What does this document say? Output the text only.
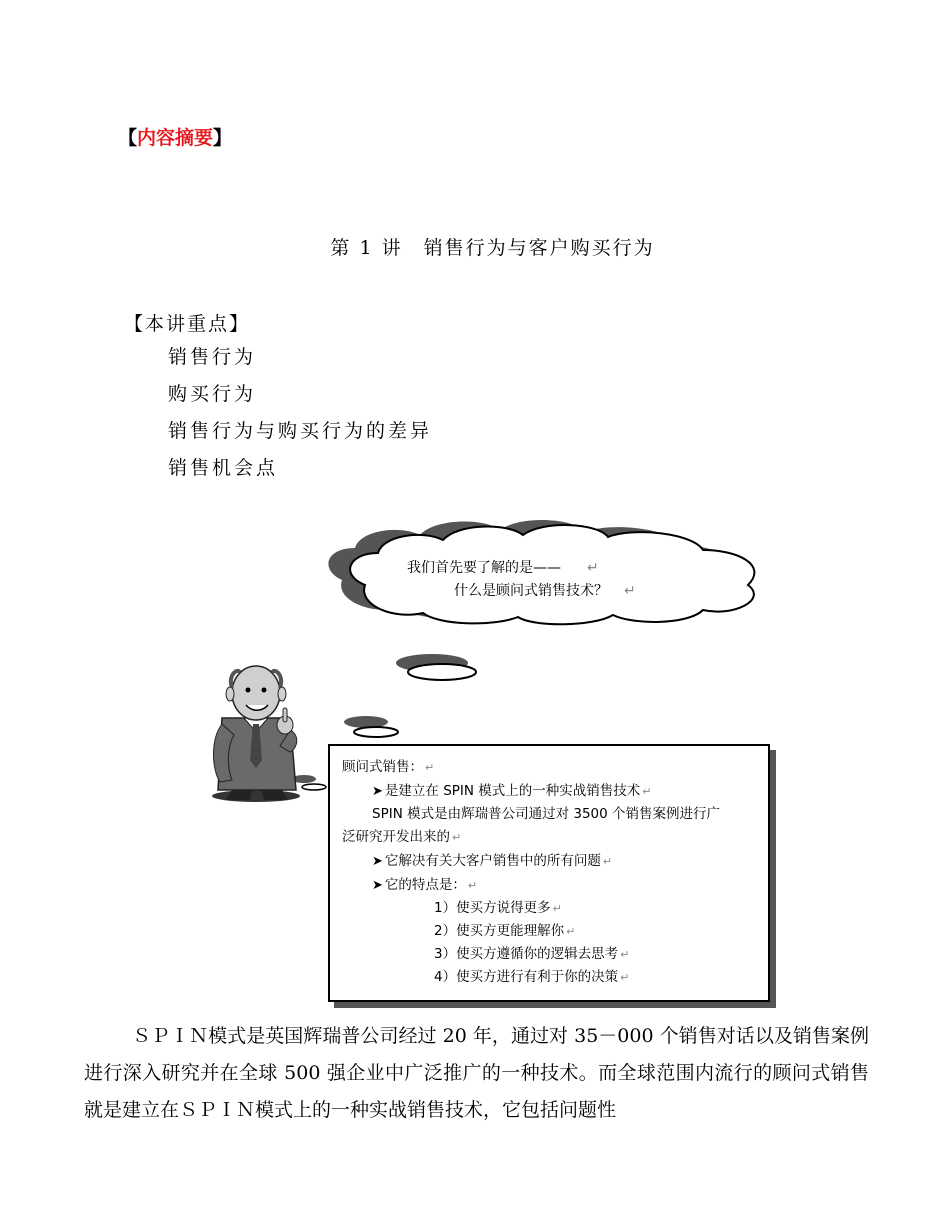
【内容摘要】
第 1 讲　销售行为与客户购买行为
【本讲重点】
销售行为
购买行为
销售行为与购买行为的差异
销售机会点
我们首先要了解的是—— ↵
什么是顾问式销售技术？ ↵
顾问式销售： ↵
➤ 是建立在 SPIN 模式上的一种实战销售技术 ↵
SPIN 模式是由辉瑞普公司通过对 3500 个销售案例进行广
泛研究开发出来的 ↵
➤ 它解决有关大客户销售中的所有问题 ↵
➤ 它的特点是： ↵
1）使买方说得更多 ↵
2）使买方更能理解你 ↵
3）使买方遵循你的逻辑去思考 ↵
4）使买方进行有利于你的决策 ↵

ＳＰＩＮ模式是英国辉瑞普公司经过 20 年，通过对 35－000 个销售对话以及销售案例进行深入研究并在全球 500 强企业中广泛推广的一种技术。而全球范围内流行的顾问式销售就是建立在ＳＰＩＮ模式上的一种实战销售技术，它包括问题性
